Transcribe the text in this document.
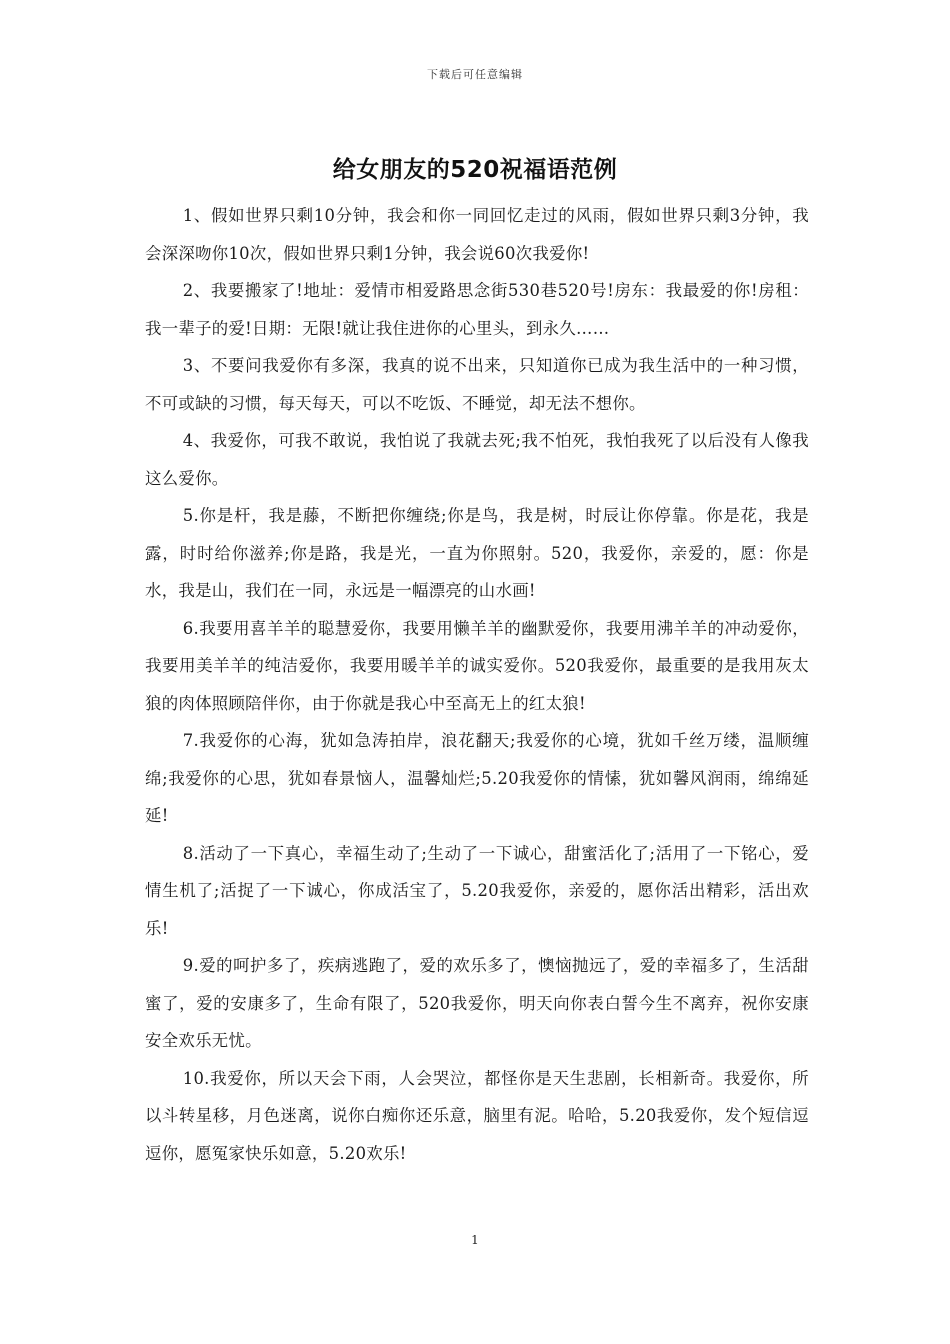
下载后可任意编辑
给女朋友的520祝福语范例

1、假如世界只剩10分钟，我会和你一同回忆走过的风雨，假如世界只剩3分钟，我会深深吻你10次，假如世界只剩1分钟，我会说60次我爱你!

2、我要搬家了!地址：爱情市相爱路思念街530巷520号!房东：我最爱的你!房租：我一辈子的爱!日期：无限!就让我住进你的心里头，到永久……

3、不要问我爱你有多深，我真的说不出来，只知道你已成为我生活中的一种习惯，不可或缺的习惯，每天每天，可以不吃饭、不睡觉，却无法不想你。

4、我爱你，可我不敢说，我怕说了我就去死;我不怕死，我怕我死了以后没有人像我这么爱你。

5.你是杆，我是藤，不断把你缠绕;你是鸟，我是树，时辰让你停靠。你是花，我是露，时时给你滋养;你是路，我是光，一直为你照射。520，我爱你，亲爱的，愿：你是水，我是山，我们在一同，永远是一幅漂亮的山水画!

6.我要用喜羊羊的聪慧爱你，我要用懒羊羊的幽默爱你，我要用沸羊羊的冲动爱你，我要用美羊羊的纯洁爱你，我要用暖羊羊的诚实爱你。520我爱你，最重要的是我用灰太狼的肉体照顾陪伴你，由于你就是我心中至高无上的红太狼!

7.我爱你的心海，犹如急涛拍岸，浪花翻天;我爱你的心境，犹如千丝万缕，温顺缠绵;我爱你的心思，犹如春景恼人，温馨灿烂;5.20我爱你的情愫，犹如馨风润雨，绵绵延延!

8.活动了一下真心，幸福生动了;生动了一下诚心，甜蜜活化了;活用了一下铭心，爱情生机了;活捉了一下诚心，你成活宝了，5.20我爱你，亲爱的，愿你活出精彩，活出欢乐!

9.爱的呵护多了，疾病逃跑了，爱的欢乐多了，懊恼抛远了，爱的幸福多了，生活甜蜜了，爱的安康多了，生命有限了，520我爱你，明天向你表白誓今生不离弃，祝你安康安全欢乐无忧。

10.我爱你，所以天会下雨，人会哭泣，都怪你是天生悲剧，长相新奇。我爱你，所以斗转星移，月色迷离，说你白痴你还乐意，脑里有泥。哈哈，5.20我爱你，发个短信逗逗你，愿冤家快乐如意，5.20欢乐!

1
